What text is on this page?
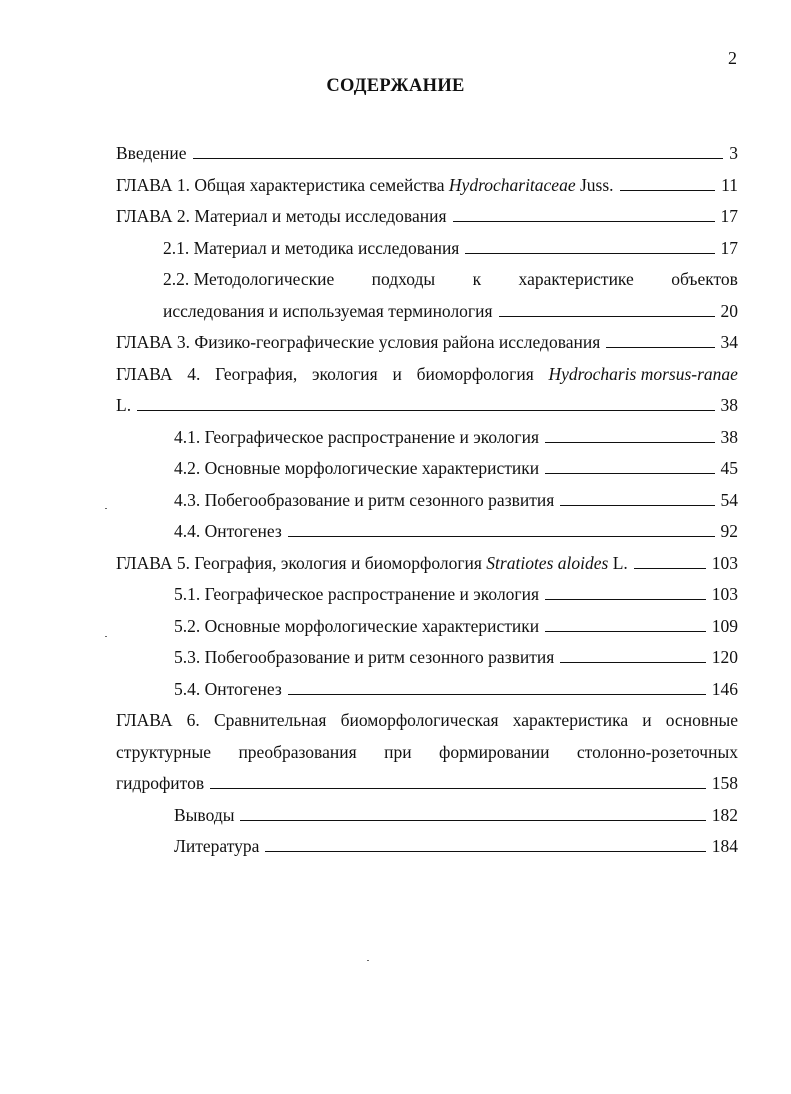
2
СОДЕРЖАНИЕ
Введение	3
ГЛАВА 1. Общая характеристика семейства Hydrocharitaceae Juss.	11
ГЛАВА 2. Материал и методы исследования	17
2.1. Материал и методика исследования	17
2.2. Методологические подходы к характеристике объектов
исследования и используемая терминология	20
ГЛАВА 3. Физико-географические условия района исследования	34
ГЛАВА 4. География, экология и биоморфология Hydrocharis morsus-ranae
L.	38
4.1. Географическое распространение и экология	38
4.2. Основные морфологические характеристики	45
4.3. Побегообразование и ритм сезонного развития	54
4.4. Онтогенез	92
ГЛАВА 5. География, экология и биоморфология Stratiotes aloides L.	103
5.1. Географическое распространение и экология	103
5.2. Основные морфологические характеристики	109
5.3. Побегообразование и ритм сезонного развития	120
5.4. Онтогенез	146
ГЛАВА 6. Сравнительная биоморфологическая характеристика и основные
структурные преобразования при формировании столонно-розеточных
гидрофитов	158
Выводы	182
Литература	184
